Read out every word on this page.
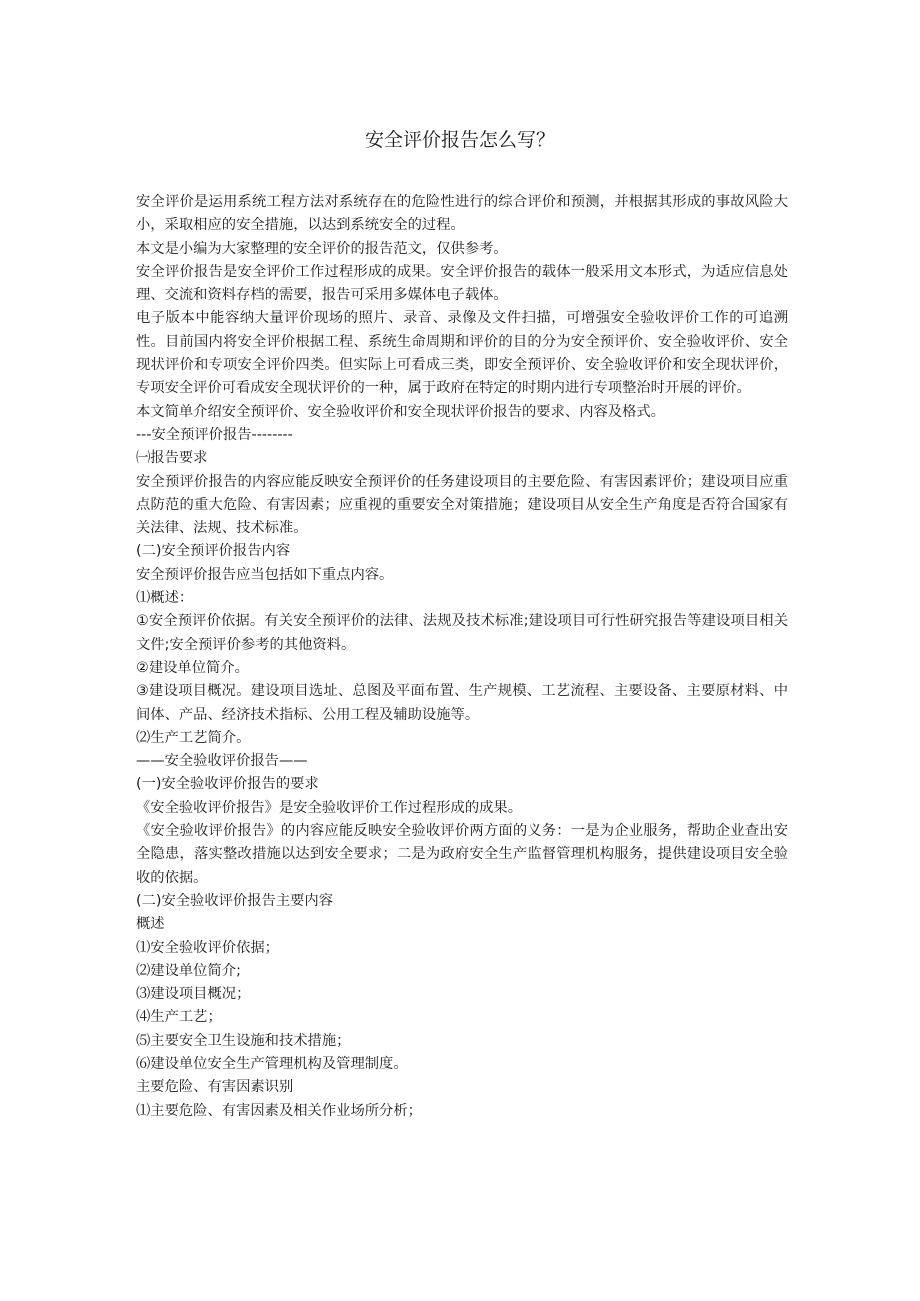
安全评价报告怎么写？

安全评价是运用系统工程方法对系统存在的危险性进行的综合评价和预测，并根据其形成的事故风险大小，采取相应的安全措施，以达到系统安全的过程。

本文是小编为大家整理的安全评价的报告范文，仅供参考。

安全评价报告是安全评价工作过程形成的成果。安全评价报告的载体一般采用文本形式，为适应信息处理、交流和资料存档的需要，报告可采用多媒体电子载体。

电子版本中能容纳大量评价现场的照片、录音、录像及文件扫描，可增强安全验收评价工作的可追溯性。目前国内将安全评价根据工程、系统生命周期和评价的目的分为安全预评价、安全验收评价、安全现状评价和专项安全评价四类。但实际上可看成三类，即安全预评价、安全验收评价和安全现状评价，专项安全评价可看成安全现状评价的一种，属于政府在特定的时期内进行专项整治时开展的评价。

本文简单介绍安全预评价、安全验收评价和安全现状评价报告的要求、内容及格式。

---安全预评价报告--------

㈠报告要求

安全预评价报告的内容应能反映安全预评价的任务建设项目的主要危险、有害因素评价；建设项目应重点防范的重大危险、有害因素；应重视的重要安全对策措施；建设项目从安全生产角度是否符合国家有关法律、法规、技术标准。

(二)安全预评价报告内容

安全预评价报告应当包括如下重点内容。

⑴概述：

①安全预评价依据。有关安全预评价的法律、法规及技术标准;建设项目可行性研究报告等建设项目相关文件;安全预评价参考的其他资料。

②建设单位简介。

③建设项目概况。建设项目选址、总图及平面布置、生产规模、工艺流程、主要设备、主要原材料、中间体、产品、经济技术指标、公用工程及辅助设施等。

⑵生产工艺简介。

——安全验收评价报告——

(一)安全验收评价报告的要求

《安全验收评价报告》是安全验收评价工作过程形成的成果。

《安全验收评价报告》的内容应能反映安全验收评价两方面的义务：一是为企业服务，帮助企业查出安全隐患，落实整改措施以达到安全要求；二是为政府安全生产监督管理机构服务，提供建设项目安全验收的依据。

(二)安全验收评价报告主要内容

概述

⑴安全验收评价依据；

⑵建设单位简介;

⑶建设项目概况；

⑷生产工艺；

⑸主要安全卫生设施和技术措施；

⑹建设单位安全生产管理机构及管理制度。

主要危险、有害因素识别

⑴主要危险、有害因素及相关作业场所分析；
